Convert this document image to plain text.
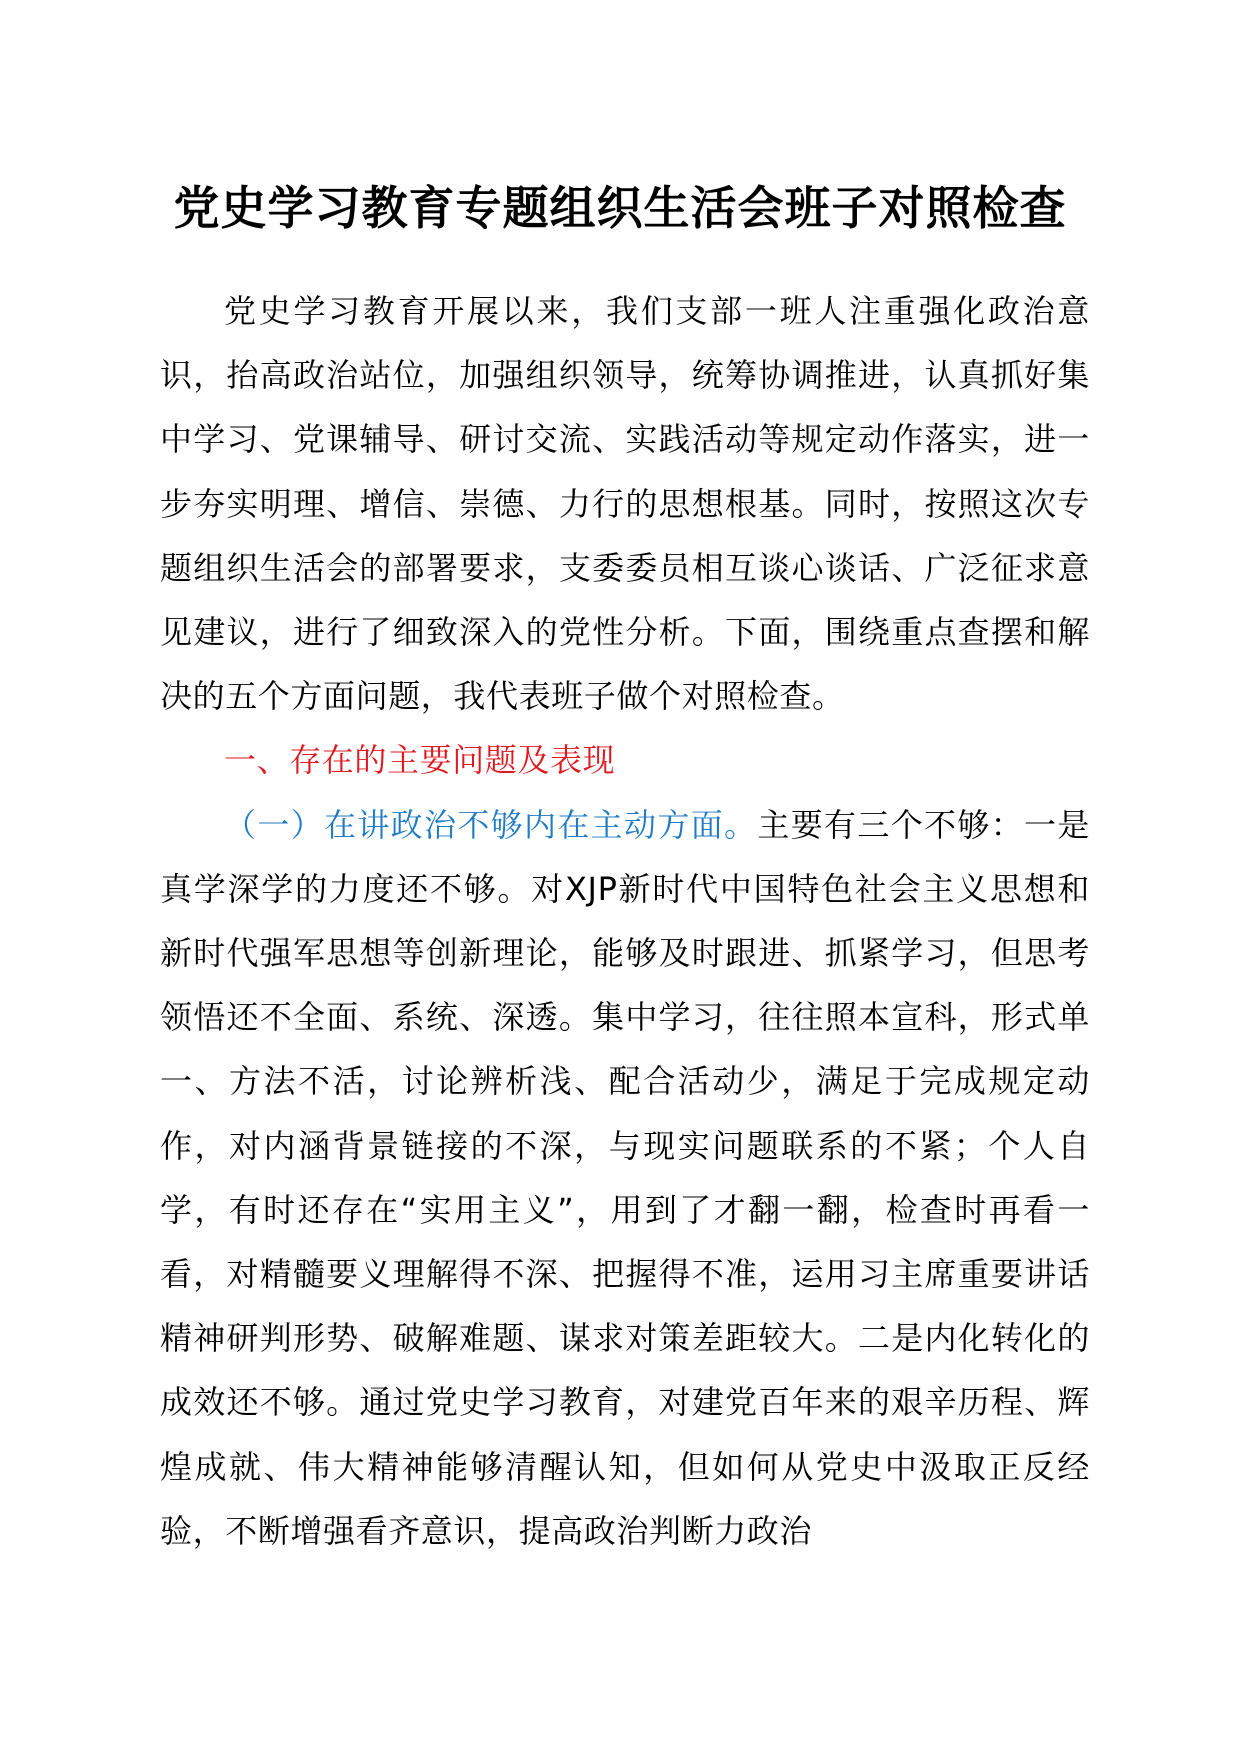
党史学习教育专题组织生活会班子对照检查

党史学习教育开展以来，我们支部一班人注重强化政治意识，抬高政治站位，加强组织领导，统筹协调推进，认真抓好集中学习、党课辅导、研讨交流、实践活动等规定动作落实，进一步夯实明理、增信、崇德、力行的思想根基。同时，按照这次专题组织生活会的部署要求，支委委员相互谈心谈话、广泛征求意见建议，进行了细致深入的党性分析。下面，围绕重点查摆和解决的五个方面问题，我代表班子做个对照检查。

一、存在的主要问题及表现

（一）在讲政治不够内在主动方面。主要有三个不够：一是真学深学的力度还不够。对XJP新时代中国特色社会主义思想和新时代强军思想等创新理论，能够及时跟进、抓紧学习，但思考领悟还不全面、系统、深透。集中学习，往往照本宣科，形式单一、方法不活，讨论辨析浅、配合活动少，满足于完成规定动作，对内涵背景链接的不深，与现实问题联系的不紧；个人自学，有时还存在“实用主义”，用到了才翻一翻，检查时再看一看，对精髓要义理解得不深、把握得不准，运用习主席重要讲话精神研判形势、破解难题、谋求对策差距较大。二是内化转化的成效还不够。通过党史学习教育，对建党百年来的艰辛历程、辉煌成就、伟大精神能够清醒认知，但如何从党史中汲取正反经验，不断增强看齐意识，提高政治判断力政治
